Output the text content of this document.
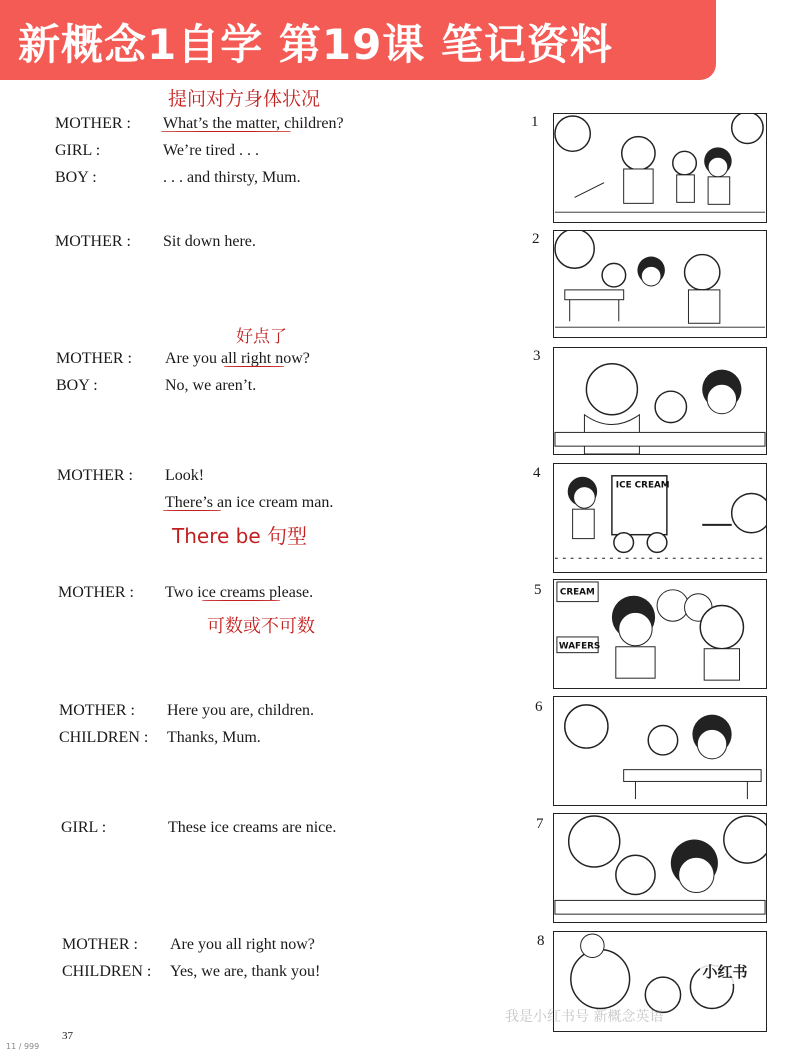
新概念1自学 第19课 笔记资料
提问对方身体状况
MOTHER : What’s the matter, children?
GIRL :	We’re tired . . .
BOY :	. . . and thirsty, Mum.
MOTHER : Sit down here.
好点了
MOTHER : Are you all right now?
BOY :	No, we aren’t.
MOTHER : Look!
There’s an ice cream man.
There be 句型
MOTHER : Two ice creams please.
可数或不可数
MOTHER : Here you are, children.
CHILDREN : Thanks, Mum.
GIRL :	These ice creams are nice.
MOTHER : Are you all right now?
CHILDREN : Yes, we are, thank you!
1
2
3
4
5
6
7
8
ICE CREAM
CREAM
WAFERS
小红书
我是小红书号 新概念英语
37
11 / 999
